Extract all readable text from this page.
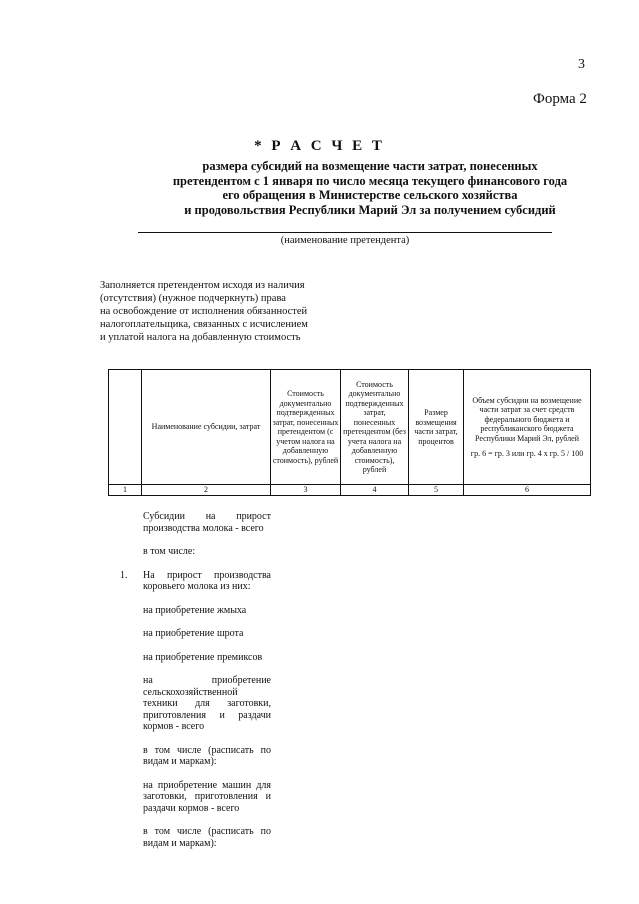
3
Форма 2
* Р А С Ч Е Т
размера субсидий на возмещение части затрат, понесенных
претендентом с 1 января по число месяца текущего финансового года
его обращения в Министерстве сельского хозяйства
и продовольствия Республики Марий Эл за получением субсидий
(наименование претендента)
Заполняется претендентом исходя из наличия
(отсутствия) (нужное подчеркнуть) права
на освобождение от исполнения обязанностей
налогоплательщика, связанных с исчислением
и уплатой налога на добавленную стоимость
	Наименование субсидии, затрат	Стоимость документально подтвержденных затрат, понесенных претендентом (с учетом налога на добавленную стоимость), рублей	Стоимость документально подтвержденных затрат, понесенных претендентом (без учета налога на добавленную стоимость), рублей	Размер возмещения части затрат, процентов	Объем субсидии на возмещение части затрат за счет средств федерального бюджета и республиканского бюджета Республики Марий Эл, рублей
гр. 6 = гр. 3 или гр. 4 х гр. 5 / 100

1	2	3	4	5	6
Субсидии на прирост производства молока - всего
в том числе:
1. На прирост производства коровьего молока из них:
на приобретение жмыха
на приобретение шрота
на приобретение премиксов
на приобретение сельскохозяйственной техники для заготовки, приготовления и раздачи кормов - всего
в том числе (расписать по видам и маркам):
на приобретение машин для заготовки, приготовления и раздачи кормов - всего
в том числе (расписать по видам и маркам):
